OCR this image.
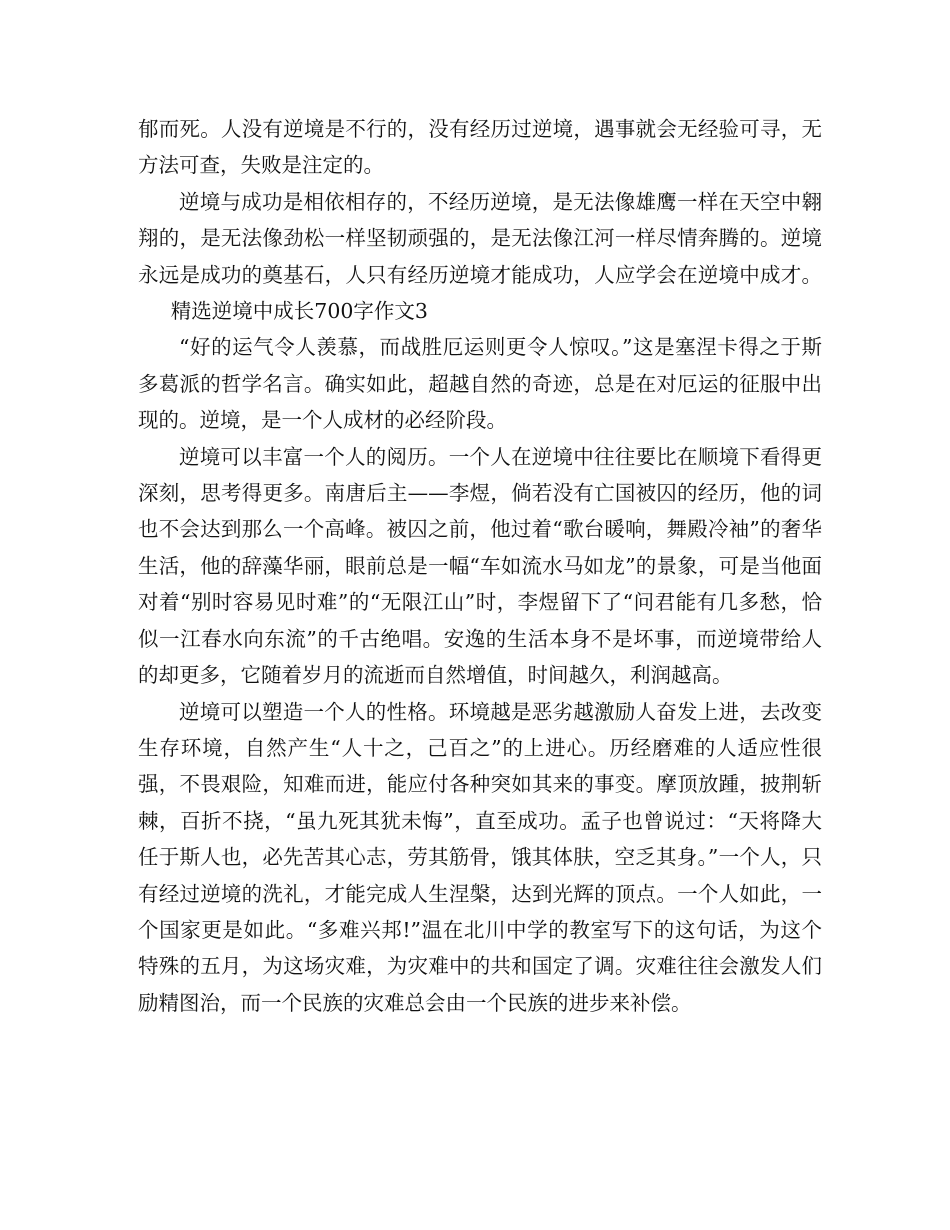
郁而死。人没有逆境是不行的，没有经历过逆境，遇事就会无经验可寻，无方法可查，失败是注定的。

逆境与成功是相依相存的，不经历逆境，是无法像雄鹰一样在天空中翱翔的，是无法像劲松一样坚韧顽强的，是无法像江河一样尽情奔腾的。逆境永远是成功的奠基石，人只有经历逆境才能成功，人应学会在逆境中成才。精选逆境中成长700字作文3

“好的运气令人羡慕，而战胜厄运则更令人惊叹。”这是塞涅卡得之于斯多葛派的哲学名言。确实如此，超越自然的奇迹，总是在对厄运的征服中出现的。逆境，是一个人成材的必经阶段。

逆境可以丰富一个人的阅历。一个人在逆境中往往要比在顺境下看得更深刻，思考得更多。南唐后主——李煜，倘若没有亡国被囚的经历，他的词也不会达到那么一个高峰。被囚之前，他过着“歌台暖响，舞殿冷袖”的奢华生活，他的辞藻华丽，眼前总是一幅“车如流水马如龙”的景象，可是当他面对着“别时容易见时难”的“无限江山”时，李煜留下了“问君能有几多愁，恰似一江春水向东流”的千古绝唱。安逸的生活本身不是坏事，而逆境带给人的却更多，它随着岁月的流逝而自然增值，时间越久，利润越高。

逆境可以塑造一个人的性格。环境越是恶劣越激励人奋发上进，去改变生存环境，自然产生“人十之，己百之”的上进心。历经磨难的人适应性很强，不畏艰险，知难而进，能应付各种突如其来的事变。摩顶放踵，披荆斩棘，百折不挠，“虽九死其犹未悔”，直至成功。孟子也曾说过：“天将降大任于斯人也，必先苦其心志，劳其筋骨，饿其体肤，空乏其身。”一个人，只有经过逆境的洗礼，才能完成人生涅槃，达到光辉的顶点。一个人如此，一个国家更是如此。“多难兴邦!”温在北川中学的教室写下的这句话，为这个特殊的五月，为这场灾难，为灾难中的共和国定了调。灾难往往会激发人们励精图治，而一个民族的灾难总会由一个民族的进步来补偿。
